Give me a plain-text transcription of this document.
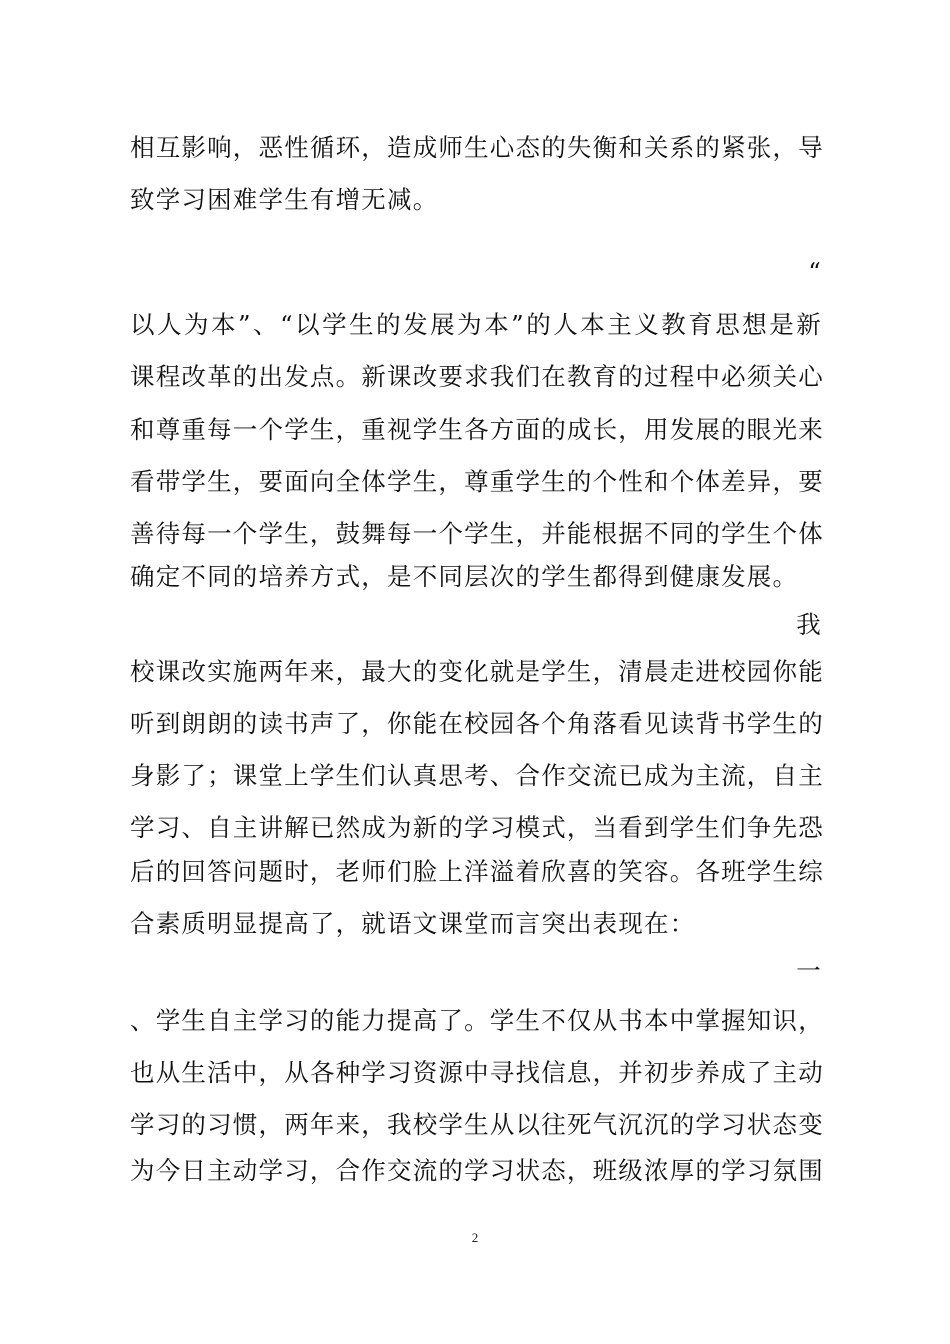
相互影响，恶性循环，造成师生心态的失衡和关系的紧张，导
致学习困难学生有增无减。
“
以人为本”、“以学生的发展为本”的人本主义教育思想是新
课程改革的出发点。新课改要求我们在教育的过程中必须关心
和尊重每一个学生，重视学生各方面的成长，用发展的眼光来
看带学生，要面向全体学生，尊重学生的个性和个体差异，要
善待每一个学生，鼓舞每一个学生，并能根据不同的学生个体
确定不同的培养方式，是不同层次的学生都得到健康发展。
我
校课改实施两年来，最大的变化就是学生，清晨走进校园你能
听到朗朗的读书声了，你能在校园各个角落看见读背书学生的
身影了；课堂上学生们认真思考、合作交流已成为主流，自主
学习、自主讲解已然成为新的学习模式，当看到学生们争先恐
后的回答问题时，老师们脸上洋溢着欣喜的笑容。各班学生综
合素质明显提高了，就语文课堂而言突出表现在：
一
、学生自主学习的能力提高了。学生不仅从书本中掌握知识，
也从生活中，从各种学习资源中寻找信息，并初步养成了主动
学习的习惯，两年来，我校学生从以往死气沉沉的学习状态变
为今日主动学习，合作交流的学习状态，班级浓厚的学习氛围
2
